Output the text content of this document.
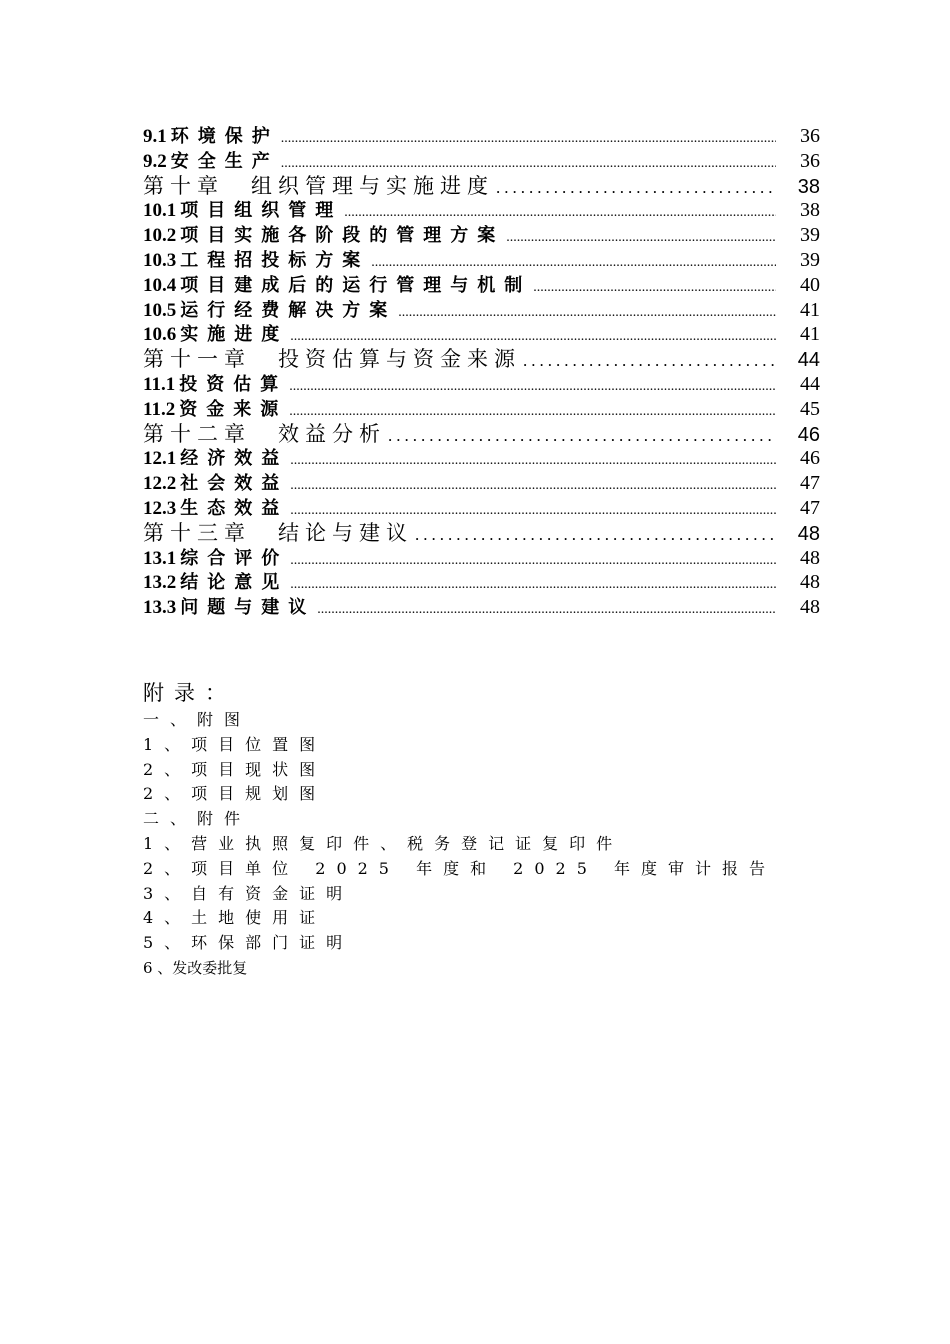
9.1 环境保护 .....	36
9.2 安全生产 .....	36
第十章　组织管理与实施进度 .....	38
10.1 项目组织管理 .....	38
10.2 项目实施各阶段的管理方案 .....	39
10.3 工程招投标方案 .....	39
10.4 项目建成后的运行管理与机制 .....	40
10.5 运行经费解决方案 .....	41
10.6 实施进度 .....	41
第十一章　投资估算与资金来源 .....	44
11.1 投资估算 .....	44
11.2 资金来源 .....	45
第十二章　效益分析 .....	46
12.1 经济效益 .....	46
12.2 社会效益 .....	47
12.3 生态效益 .....	47
第十三章　结论与建议 .....	48
13.1 综合评价 .....	48
13.2 结论意见 .....	48
13.3 问题与建议 .....	48
附录：
一、附图
1、项目位置图
2、项目现状图
2、项目规划图
二、附件
1、营业执照复印件、税务登记证复印件
2、项目单位 2025 年度和 2025 年度审计报告
3、自有资金证明
4、土地使用证
5、环保部门证明
6 、发改委批复
